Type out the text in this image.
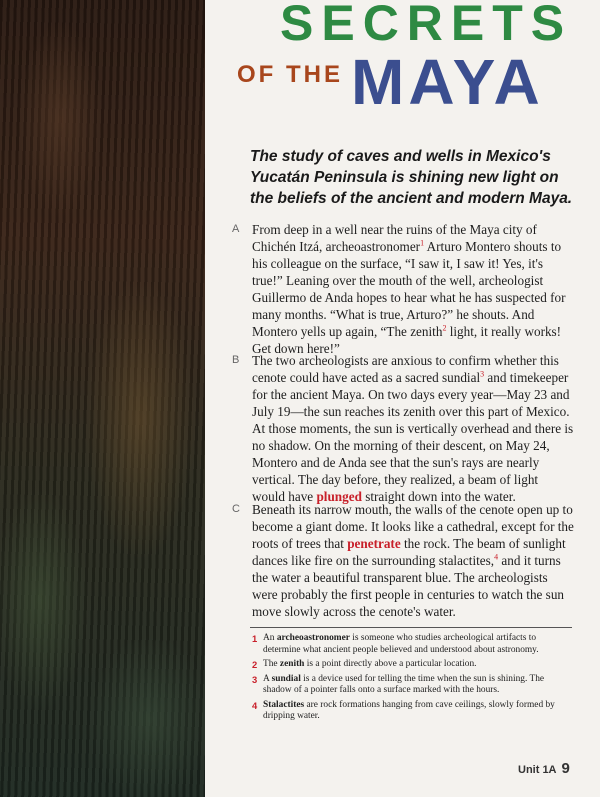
SECRETS
OF THE MAYA

The study of caves and wells in Mexico's Yucatán Peninsula is shining new light on the beliefs of the ancient and modern Maya.

A From deep in a well near the ruins of the Maya city of Chichén Itzá, archeoastronomer$^1$ Arturo Montero shouts to his colleague on the surface, “I saw it, I saw it! Yes, it's true!” Leaning over the mouth of the well, archeologist Guillermo de Anda hopes to hear what he has suspected for many months. “What is true, Arturo?” he shouts. And Montero yells up again, “The zenith$^2$ light, it really works! Get down here!”

B The two archeologists are anxious to confirm whether this cenote could have acted as a sacred sundial$^3$ and timekeeper for the ancient Maya. On two days every year—May 23 and July 19—the sun reaches its zenith over this part of Mexico. At those moments, the sun is vertically overhead and there is no shadow. On the morning of their descent, on May 24, Montero and de Anda see that the sun's rays are nearly vertical. The day before, they realized, a beam of light would have plunged straight down into the water.

C Beneath its narrow mouth, the walls of the cenote open up to become a giant dome. It looks like a cathedral, except for the roots of trees that penetrate the rock. The beam of sunlight dances like fire on the surrounding stalactites,$^4$ and it turns the water a beautiful transparent blue. The archeologists were probably the first people in centuries to watch the sun move slowly across the cenote's water.

1 An archeoastronomer is someone who studies archeological artifacts to determine what ancient people believed and understood about astronomy.
2 The zenith is a point directly above a particular location.
3 A sundial is a device used for telling the time when the sun is shining. The shadow of a pointer falls onto a surface marked with the hours.
4 Stalactites are rock formations hanging from cave ceilings, slowly formed by dripping water.
Unit 1A 9
